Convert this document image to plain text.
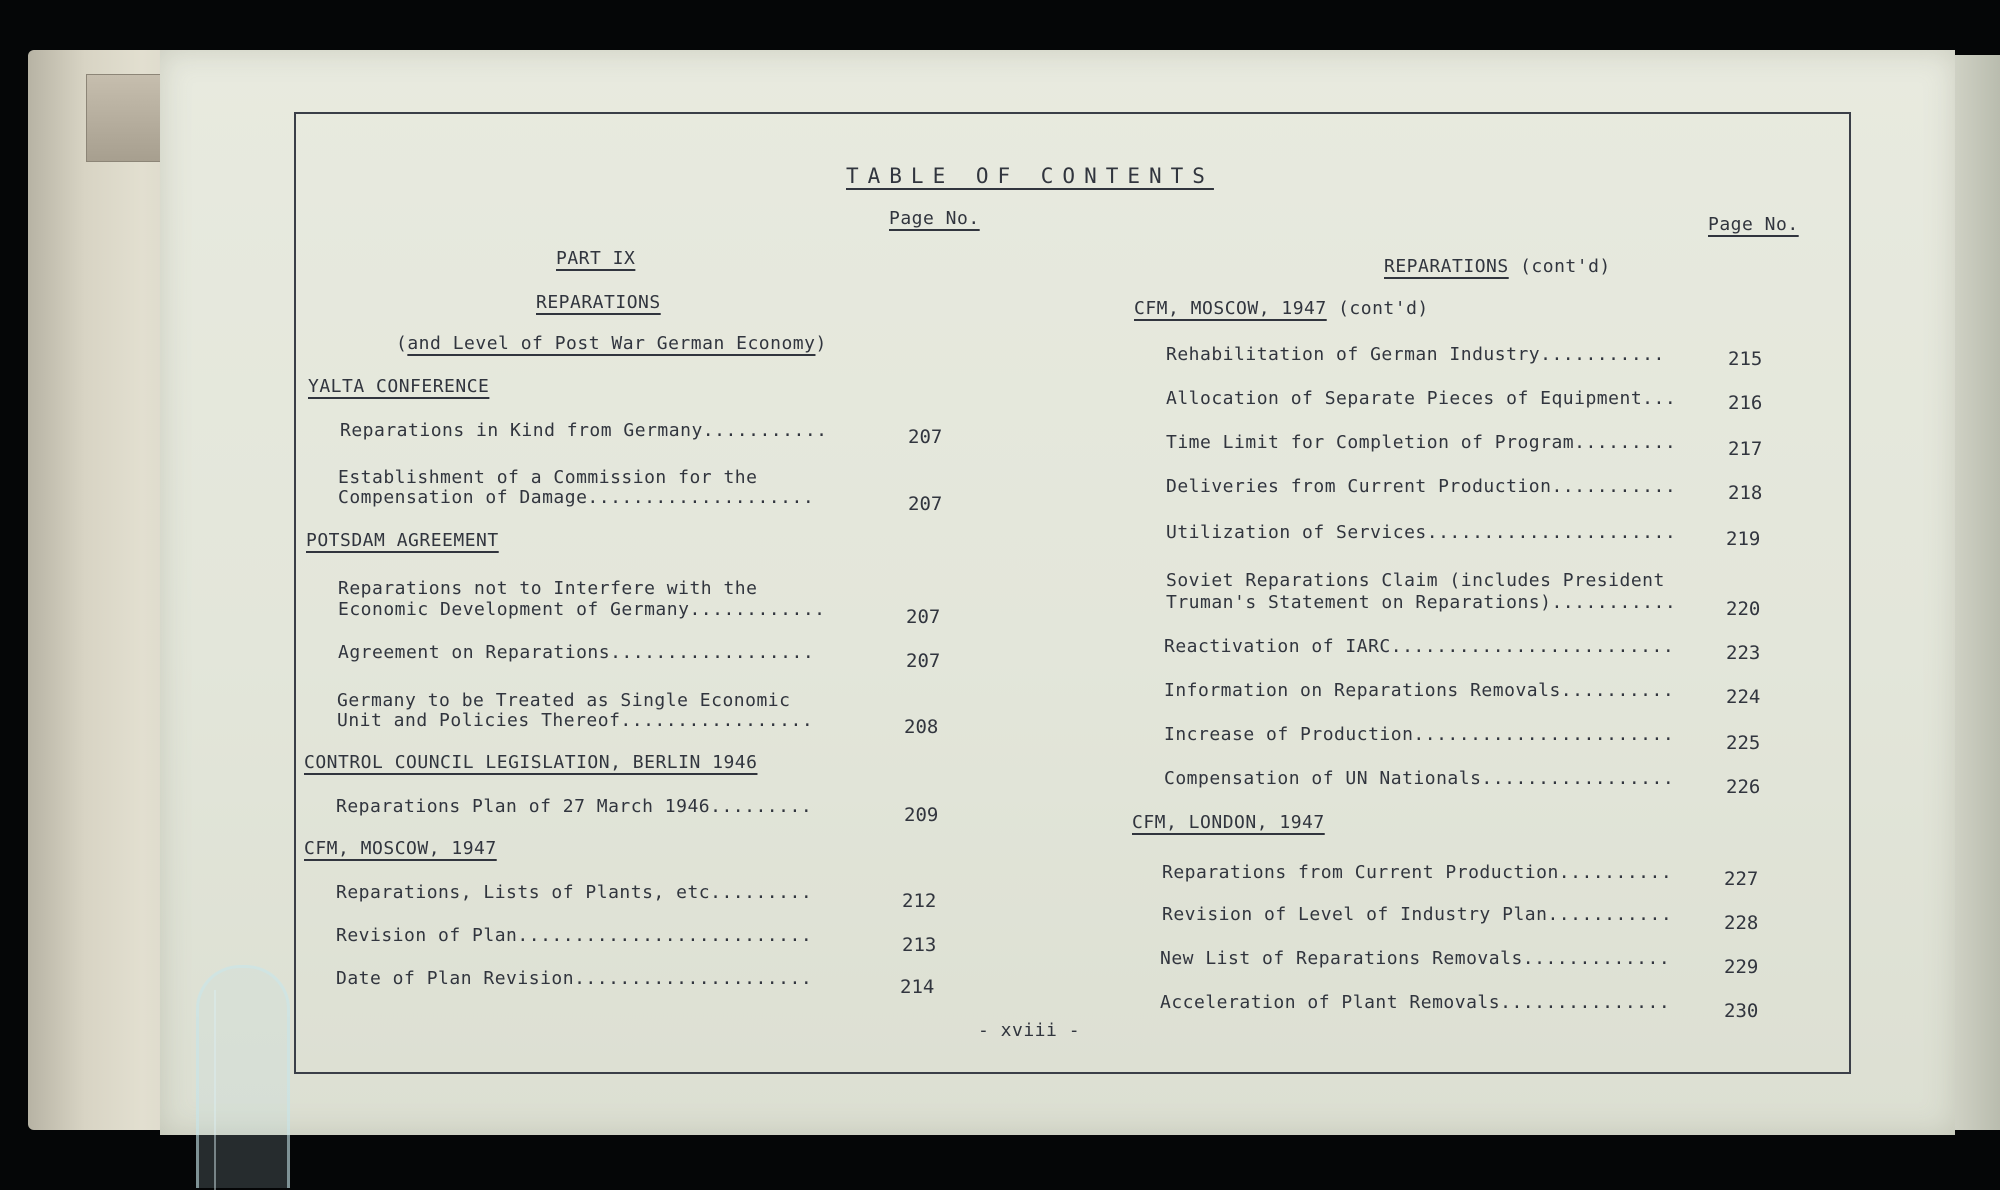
TABLE OF CONTENTS
Page No.	Page No.
PART IX
REPARATIONS
(and Level of Post War German Economy)
YALTA CONFERENCE
Reparations in Kind from Germany...........	207
Establishment of a Commission for the
Compensation of Damage....................	207
POTSDAM AGREEMENT
Reparations not to Interfere with the
Economic Development of Germany............	207
Agreement on Reparations..................	207
Germany to be Treated as Single Economic
Unit and Policies Thereof.................	208
CONTROL COUNCIL LEGISLATION, BERLIN 1946
Reparations Plan of 27 March 1946.........	209
CFM, MOSCOW, 1947
Reparations, Lists of Plants, etc.........	212
Revision of Plan..........................	213
Date of Plan Revision.....................	214
REPARATIONS (cont'd)
CFM, MOSCOW, 1947 (cont'd)
Rehabilitation of German Industry...........	215
Allocation of Separate Pieces of Equipment...	216
Time Limit for Completion of Program.........	217
Deliveries from Current Production...........	218
Utilization of Services......................	219
Soviet Reparations Claim (includes President
Truman's Statement on Reparations)...........	220
Reactivation of IARC.........................	223
Information on Reparations Removals..........	224
Increase of Production.......................	225
Compensation of UN Nationals.................	226
CFM, LONDON, 1947
Reparations from Current Production..........	227
Revision of Level of Industry Plan...........	228
New List of Reparations Removals.............	229
Acceleration of Plant Removals...............	230
- xviii -
